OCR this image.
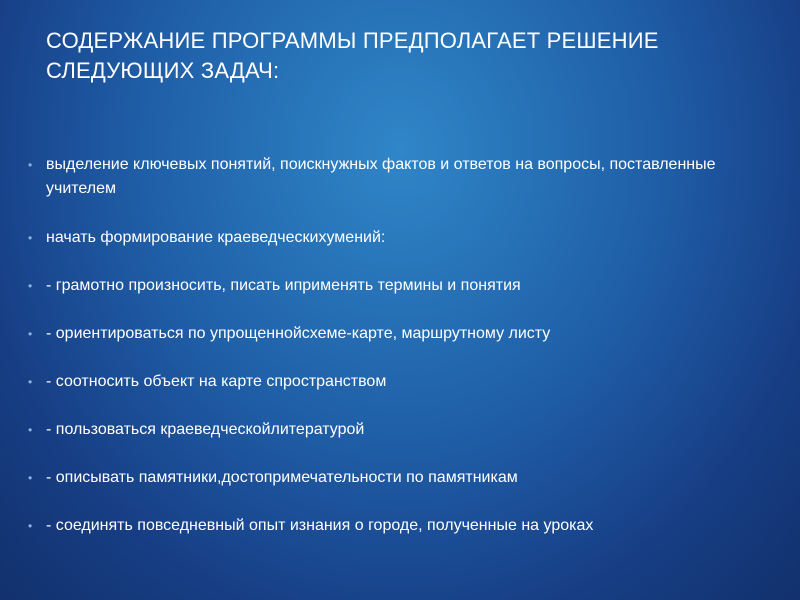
СОДЕРЖАНИЕ ПРОГРАММЫ ПРЕДПОЛАГАЕТ РЕШЕНИЕ
СЛЕДУЮЩИХ ЗАДАЧ:
• выделение ключевых понятий, поискнужных фактов и ответов на вопросы, поставленные учителем
• начать формирование краеведческихумений:
• - грамотно произносить, писать иприменять термины и понятия
• - ориентироваться по упрощеннойсхеме-карте, маршрутному листу
• - соотносить объект на карте спространством
• - пользоваться краеведческойлитературой
• - описывать памятники,достопримечательности по памятникам
• - соединять повседневный опыт изнания о городе, полученные на уроках
